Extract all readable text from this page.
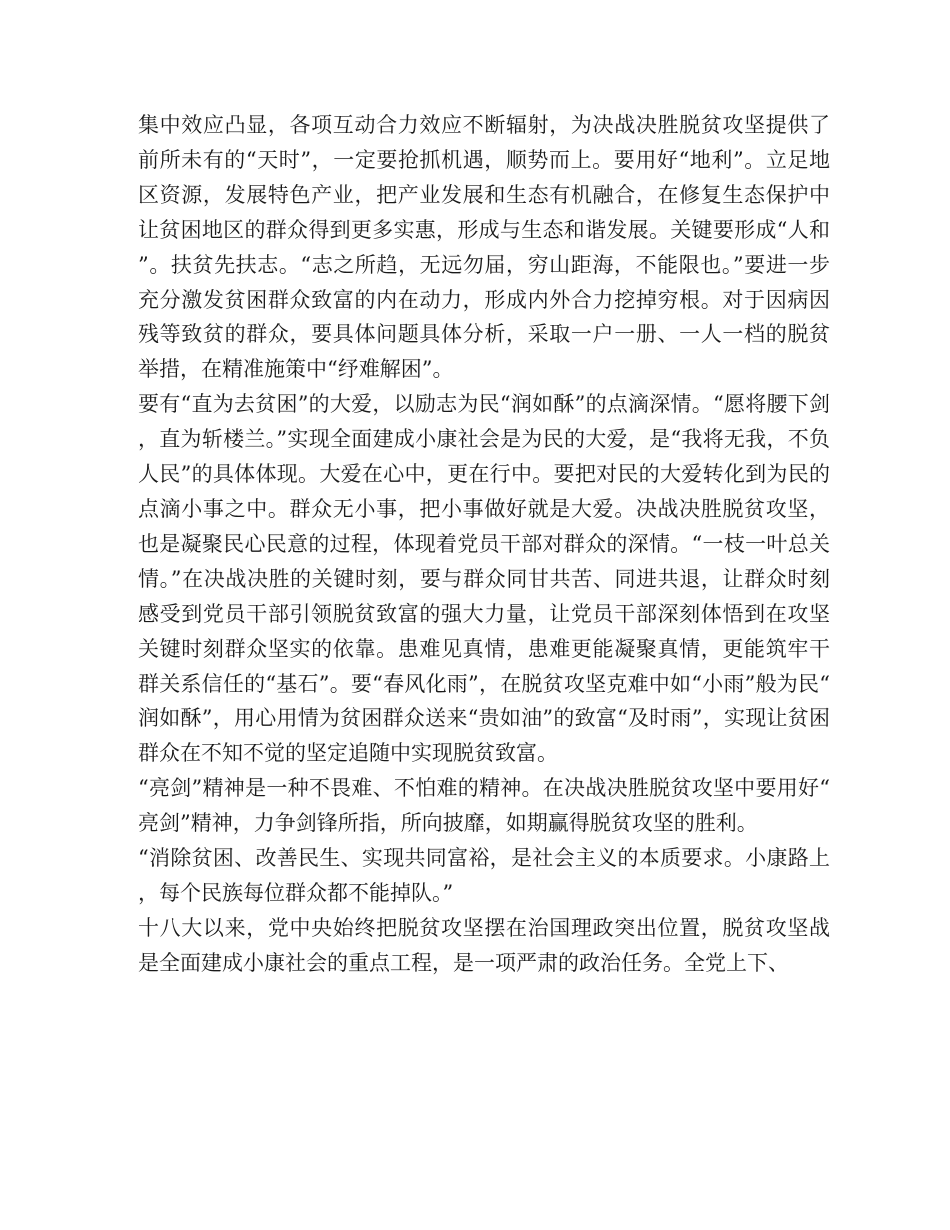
集中效应凸显，各项互动合力效应不断辐射，为决战决胜脱贫攻坚提供了前所未有的“天时”，一定要抢抓机遇，顺势而上。要用好“地利”。立足地区资源，发展特色产业，把产业发展和生态有机融合，在修复生态保护中让贫困地区的群众得到更多实惠，形成与生态和谐发展。关键要形成“人和”。扶贫先扶志。“志之所趋，无远勿届，穷山距海，不能限也。”要进一步充分激发贫困群众致富的内在动力，形成内外合力挖掉穷根。对于因病因残等致贫的群众，要具体问题具体分析，采取一户一册、一人一档的脱贫举措，在精准施策中“纾难解困”。

要有“直为去贫困”的大爱，以励志为民“润如酥”的点滴深情。“愿将腰下剑，直为斩楼兰。”实现全面建成小康社会是为民的大爱，是“我将无我，不负人民”的具体体现。大爱在心中，更在行中。要把对民的大爱转化到为民的点滴小事之中。群众无小事，把小事做好就是大爱。决战决胜脱贫攻坚，也是凝聚民心民意的过程，体现着党员干部对群众的深情。“一枝一叶总关情。”在决战决胜的关键时刻，要与群众同甘共苦、同进共退，让群众时刻感受到党员干部引领脱贫致富的强大力量，让党员干部深刻体悟到在攻坚关键时刻群众坚实的依靠。患难见真情，患难更能凝聚真情，更能筑牢干群关系信任的“基石”。要“春风化雨”，在脱贫攻坚克难中如“小雨”般为民“润如酥”，用心用情为贫困群众送来“贵如油”的致富“及时雨”，实现让贫困群众在不知不觉的坚定追随中实现脱贫致富。

“亮剑”精神是一种不畏难、不怕难的精神。在决战决胜脱贫攻坚中要用好“亮剑”精神，力争剑锋所指，所向披靡，如期赢得脱贫攻坚的胜利。

“消除贫困、改善民生、实现共同富裕，是社会主义的本质要求。小康路上，每个民族每位群众都不能掉队。”

十八大以来，党中央始终把脱贫攻坚摆在治国理政突出位置，脱贫攻坚战是全面建成小康社会的重点工程，是一项严肃的政治任务。全党上下、
